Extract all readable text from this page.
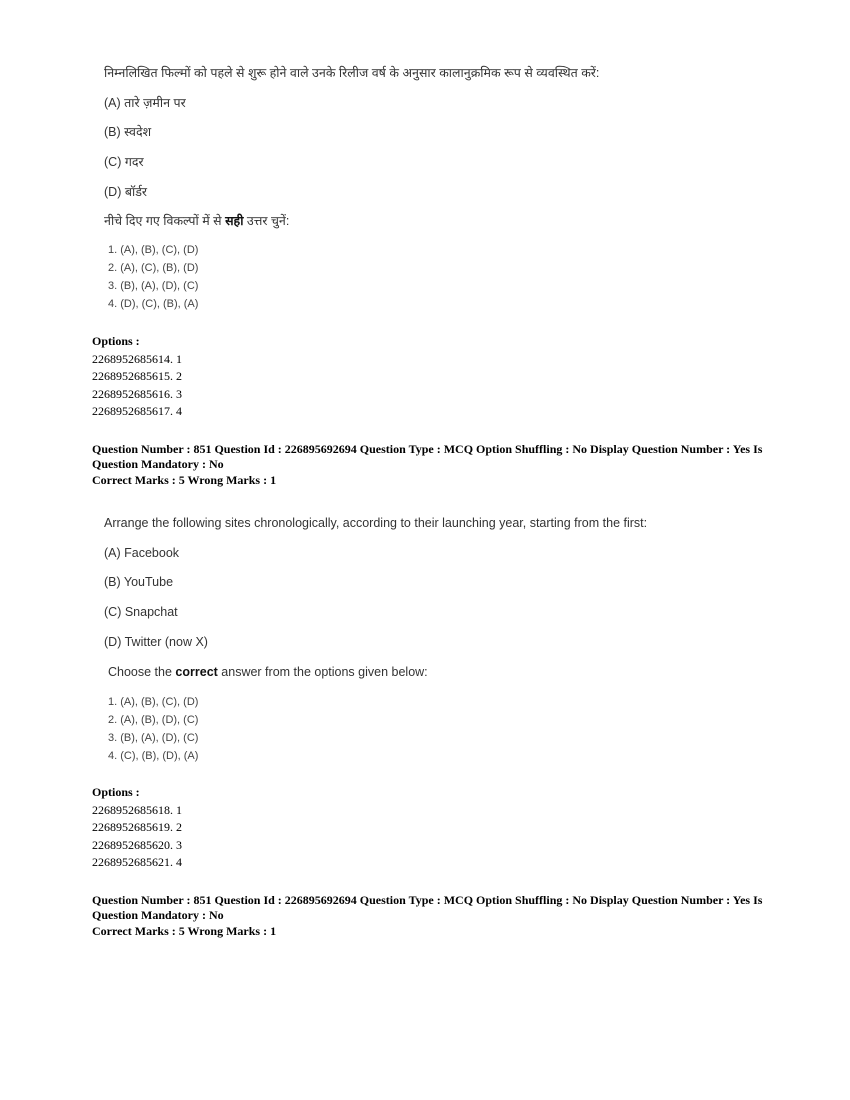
निम्नलिखित फिल्मों को पहले से शुरू होने वाले उनके रिलीज वर्ष के अनुसार कालानुक्रमिक रूप से व्यवस्थित करें:
(A) तारे ज़मीन पर
(B) स्वदेश
(C) गदर
(D) बॉर्डर
नीचे दिए गए विकल्पों में से सही उत्तर चुनें:
1. (A), (B), (C), (D)
2. (A), (C), (B), (D)
3. (B), (A), (D), (C)
4. (D), (C), (B), (A)
Options :
2268952685614. 1
2268952685615. 2
2268952685616. 3
2268952685617. 4
Question Number : 851 Question Id : 226895692694 Question Type : MCQ Option Shuffling : No Display Question Number : Yes Is
Question Mandatory : No
Correct Marks : 5 Wrong Marks : 1
Arrange the following sites chronologically, according to their launching year, starting from the first:
(A) Facebook
(B) YouTube
(C) Snapchat
(D) Twitter (now X)
Choose the correct answer from the options given below:
1. (A), (B), (C), (D)
2. (A), (B), (D), (C)
3. (B), (A), (D), (C)
4. (C), (B), (D), (A)
Options :
2268952685618. 1
2268952685619. 2
2268952685620. 3
2268952685621. 4
Question Number : 851 Question Id : 226895692694 Question Type : MCQ Option Shuffling : No Display Question Number : Yes Is
Question Mandatory : No
Correct Marks : 5 Wrong Marks : 1
